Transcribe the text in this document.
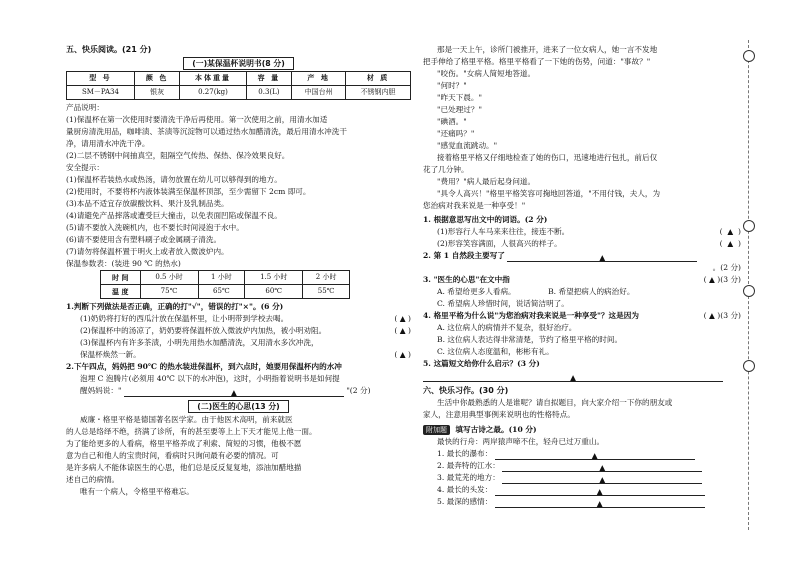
五、快乐阅读。(21 分)
(一)某保温杯说明书(8 分)
型 号	颜 色	本体重量	容 量	产 地	材 质
SM－PA34	银灰	0.27(kg)	0.3(L)	中国台州	不锈钢内胆
产品说明：
(1)保温杯在第一次使用时要清洗干净后再使用。第一次使用之前，用清水加适
量厨房清洗用品，咖啡渍、茶渍等沉淀物可以通过热水加醋清洗，最后用清水冲洗干
净，请用清水冲洗干净。
(2)二层不锈钢中间抽真空，阻隔空气传热、保热、保冷效果良好。
安全提示：
(1)保温杯若装热水或热汤，请勿放置在幼儿可以够得到的地方。
(2)使用时，不要将杯内液体装满至保温杯顶部，至少需留下 2cm 即可。
(3)本品不适宜存放碳酸饮料、果汁及乳制品类。
(4)请避免产品摔落或遭受巨大撞击，以免表面凹陷或保温不良。
(5)请不要放入洗碗机内，也不要长时间浸泡于水中。
(6)请不要使用含有塑料刷子或金属刷子清洗。
(7)请勿将保温杯置于明火上或者放入微波炉内。
保温参数表：(装进 90 ℃ 的热水)
时 间	0.5 小时	1 小时	1.5 小时	2 小时
温 度	75℃	65℃	60℃	55℃
1.判断下列做法是否正确，正确的打"√"，错误的打"×"。(6 分)
(1)奶奶将打好的西瓜汁放在保温杯里，让小明带到学校去喝。	( ▲ )
(2)保温杯中的汤凉了，奶奶要将保温杯放入微波炉内加热，被小明劝阻。	( ▲ )
(3)保温杯内有许多茶渍，小明先用热水加醋清洗，又用清水多次冲洗，
保温杯焕然一新。	( ▲ )
2.下午四点，妈妈把 90℃ 的热水装进保温杯，到六点时，她要用保温杯内的水冲
泡埋 C 泡腾片(必须用 40℃ 以下的水冲泡)，这时，小明指着说明书是如何提
醒妈妈说："	▲	"(2 分)
(二)医生的心思(13 分)
威廉・格里平格是德国著名医学家。由于他医术高明，前来就医
的人总是络绎不绝，挤满了诊所，有的甚至要等上上下天才能见上他一面。
为了能给更多的人看病，格里平格养成了利索、简短的习惯，他极不愿
意为自己和他人的宝贵时间，看病时只询问最有必要的情况。可
是许多病人不能体谅医生的心思，他们总是反反复复地，添油加醋地描
述自己的病情。
唯有一个病人，令格里平格难忘。
那是一天上午，诊所门被推开，进来了一位女病人，她一言不发地
把手伸给了格里平格。格里平格看了一下她的伤势，问道："事故？"
"咬伤。"女病人简短地答道。
"何时？"
"昨天下晨。"
"已处理过？"
"碘酒。"
"还痛吗？"
"感觉血流跳动。"
接着格里平格又仔细地检查了她的伤口，迅速地进行包扎，前后仅
花了几分钟。
"费用？"病人最后起身问道。
"具令人高兴！"格里平格笑容可掬地回答道，"不用付钱，夫人，为
您治病对我来说是一种享受！"
1. 根据意思写出文中的词语。(2 分)
(1)形容行人车马来来往往，接连不断。	(  ▲  )
(2)形容笑容满面，人很高兴的样子。	(  ▲  )
2. 第 1 自然段主要写了	▲
。(2 分)
3. "医生的心思"在文中指	( ▲ )(3 分)
A. 希望给更多人看病。	B. 希望把病人的病治好。
C. 希望病人珍惜时间，说话简洁明了。
4. 格里平格为什么说"为您治病对我来说是一种享受"？这是因为	( ▲ )(3 分)
A. 这位病人的病情并不复杂，很好治疗。
B. 这位病人表达得非常清楚，节约了格里平格的时间。
C. 这位病人态度温和，彬彬有礼。
5. 这篇短文给你什么启示？(3 分)
▲
六、快乐习作。(30 分)
生活中你最熟悉的人是谁呢？请自拟题目，向大家介绍一下你的朋友或
家人，注意用典型事例来说明也的性格特点。
附加题 填写古诗之最。(10 分)
最快的行舟：两岸猿声啼不住，轻舟已过万重山。
1. 最长的瀑布：	▲
2. 最奔特的江水：	▲
3. 最荒芜的地方：	▲
4. 最长的头发：	▲
5. 最深的感情：	▲
